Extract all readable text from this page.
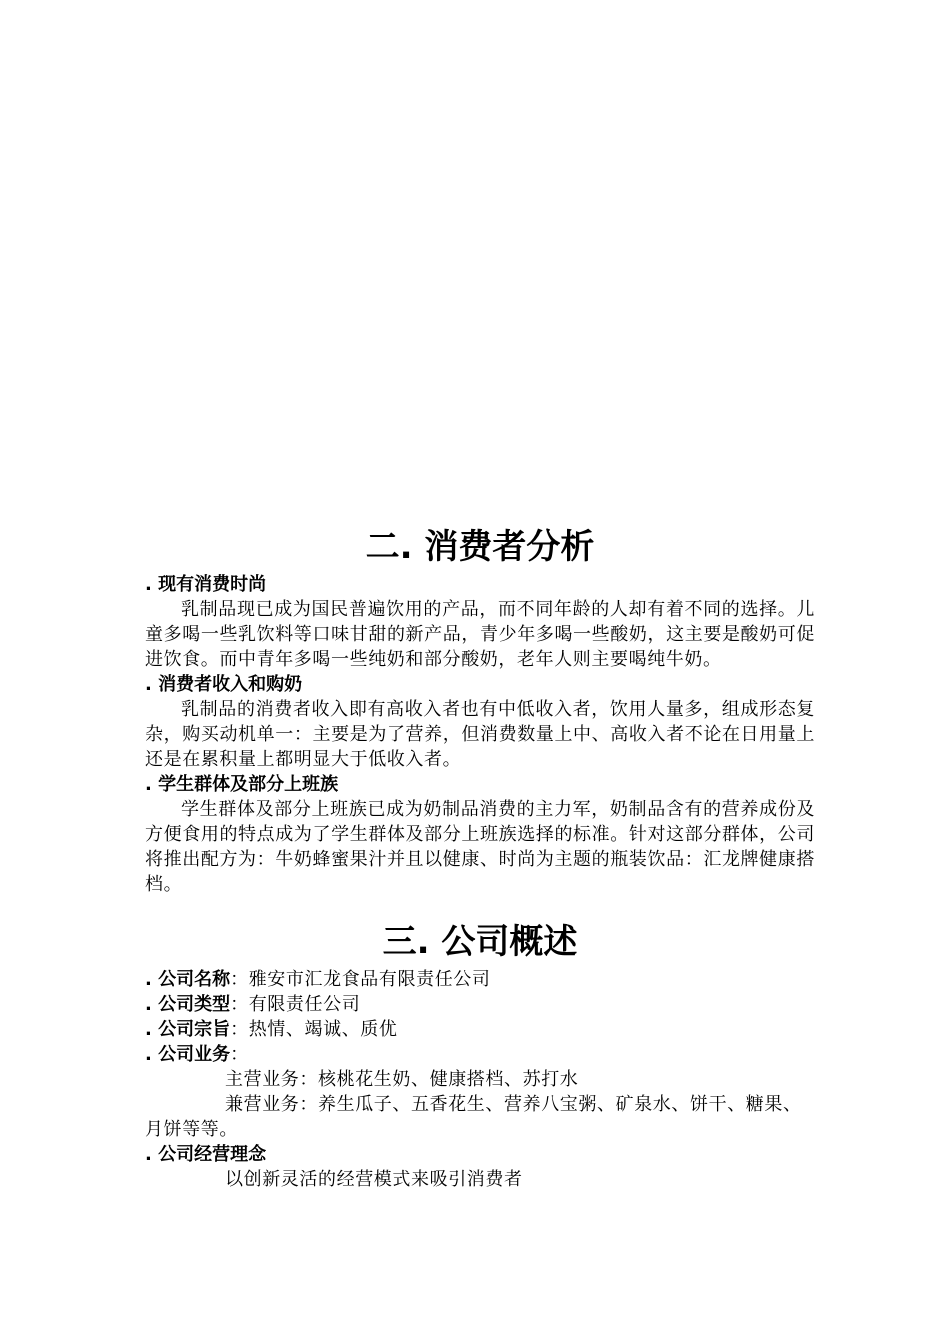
二. 消费者分析
. 现有消费时尚

乳制品现已成为国民普遍饮用的产品，而不同年龄的人却有着不同的选择。儿童多喝一些乳饮料等口味甘甜的新产品，青少年多喝一些酸奶，这主要是酸奶可促进饮食。而中青年多喝一些纯奶和部分酸奶，老年人则主要喝纯牛奶。

. 消费者收入和购奶

乳制品的消费者收入即有高收入者也有中低收入者，饮用人量多，组成形态复杂，购买动机单一：主要是为了营养，但消费数量上中、高收入者不论在日用量上还是在累积量上都明显大于低收入者。

. 学生群体及部分上班族

学生群体及部分上班族已成为奶制品消费的主力军，奶制品含有的营养成份及方便食用的特点成为了学生群体及部分上班族选择的标准。针对这部分群体，公司将推出配方为：牛奶蜂蜜果汁并且以健康、时尚为主题的瓶装饮品：汇龙牌健康搭档。

三. 公司概述
. 公司名称：雅安市汇龙食品有限责任公司
. 公司类型：有限责任公司
. 公司宗旨：热情、竭诚、质优
. 公司业务：
主营业务：核桃花生奶、健康搭档、苏打水
兼营业务：养生瓜子、五香花生、营养八宝粥、矿泉水、饼干、糖果、月饼等等。
. 公司经营理念
以创新灵活的经营模式来吸引消费者
